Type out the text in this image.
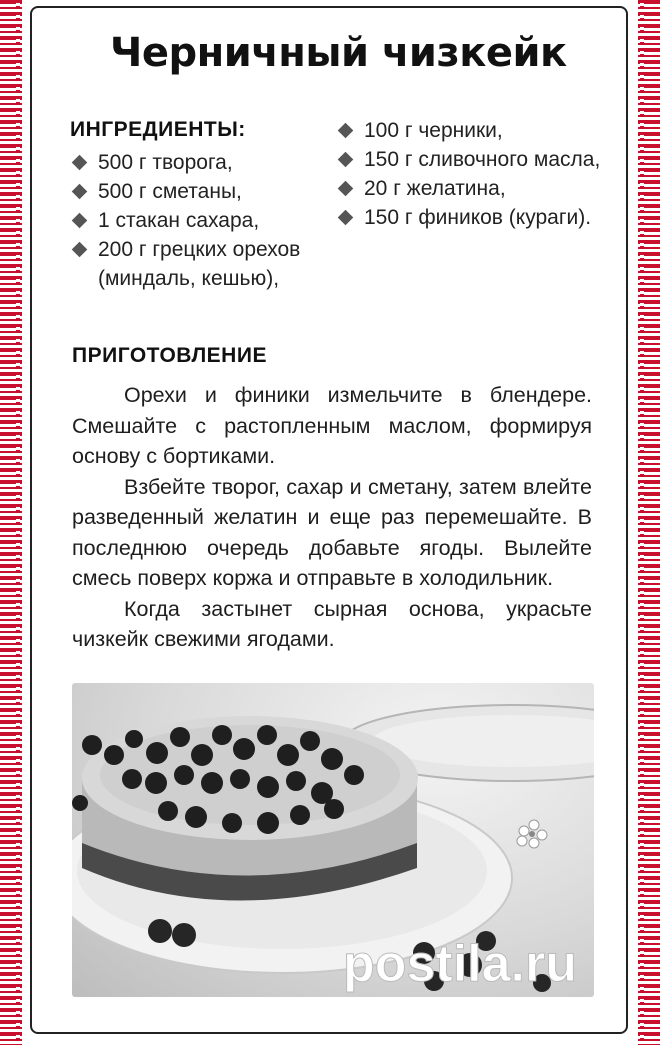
Черничный чизкейк
ИНГРЕДИЕНТЫ:
500 г творога,
500 г сметаны,
1 стакан сахара,
200 г грецких орехов (миндаль, кешью),
100 г черники,
150 г сливочного масла,
20 г желатина,
150 г фиников (кураги).
ПРИГОТОВЛЕНИЕ

Орехи и финики измельчите в блендере. Смешайте с растопленным маслом, формируя основу с бортиками.

Взбейте творог, сахар и сметану, затем влейте разведенный желатин и еще раз перемешайте. В последнюю очередь добавьте ягоды. Вылейте смесь поверх коржа и отправьте в холодильник.

Когда застынет сырная основа, украсьте чизкейк свежими ягодами.

postila.ru
